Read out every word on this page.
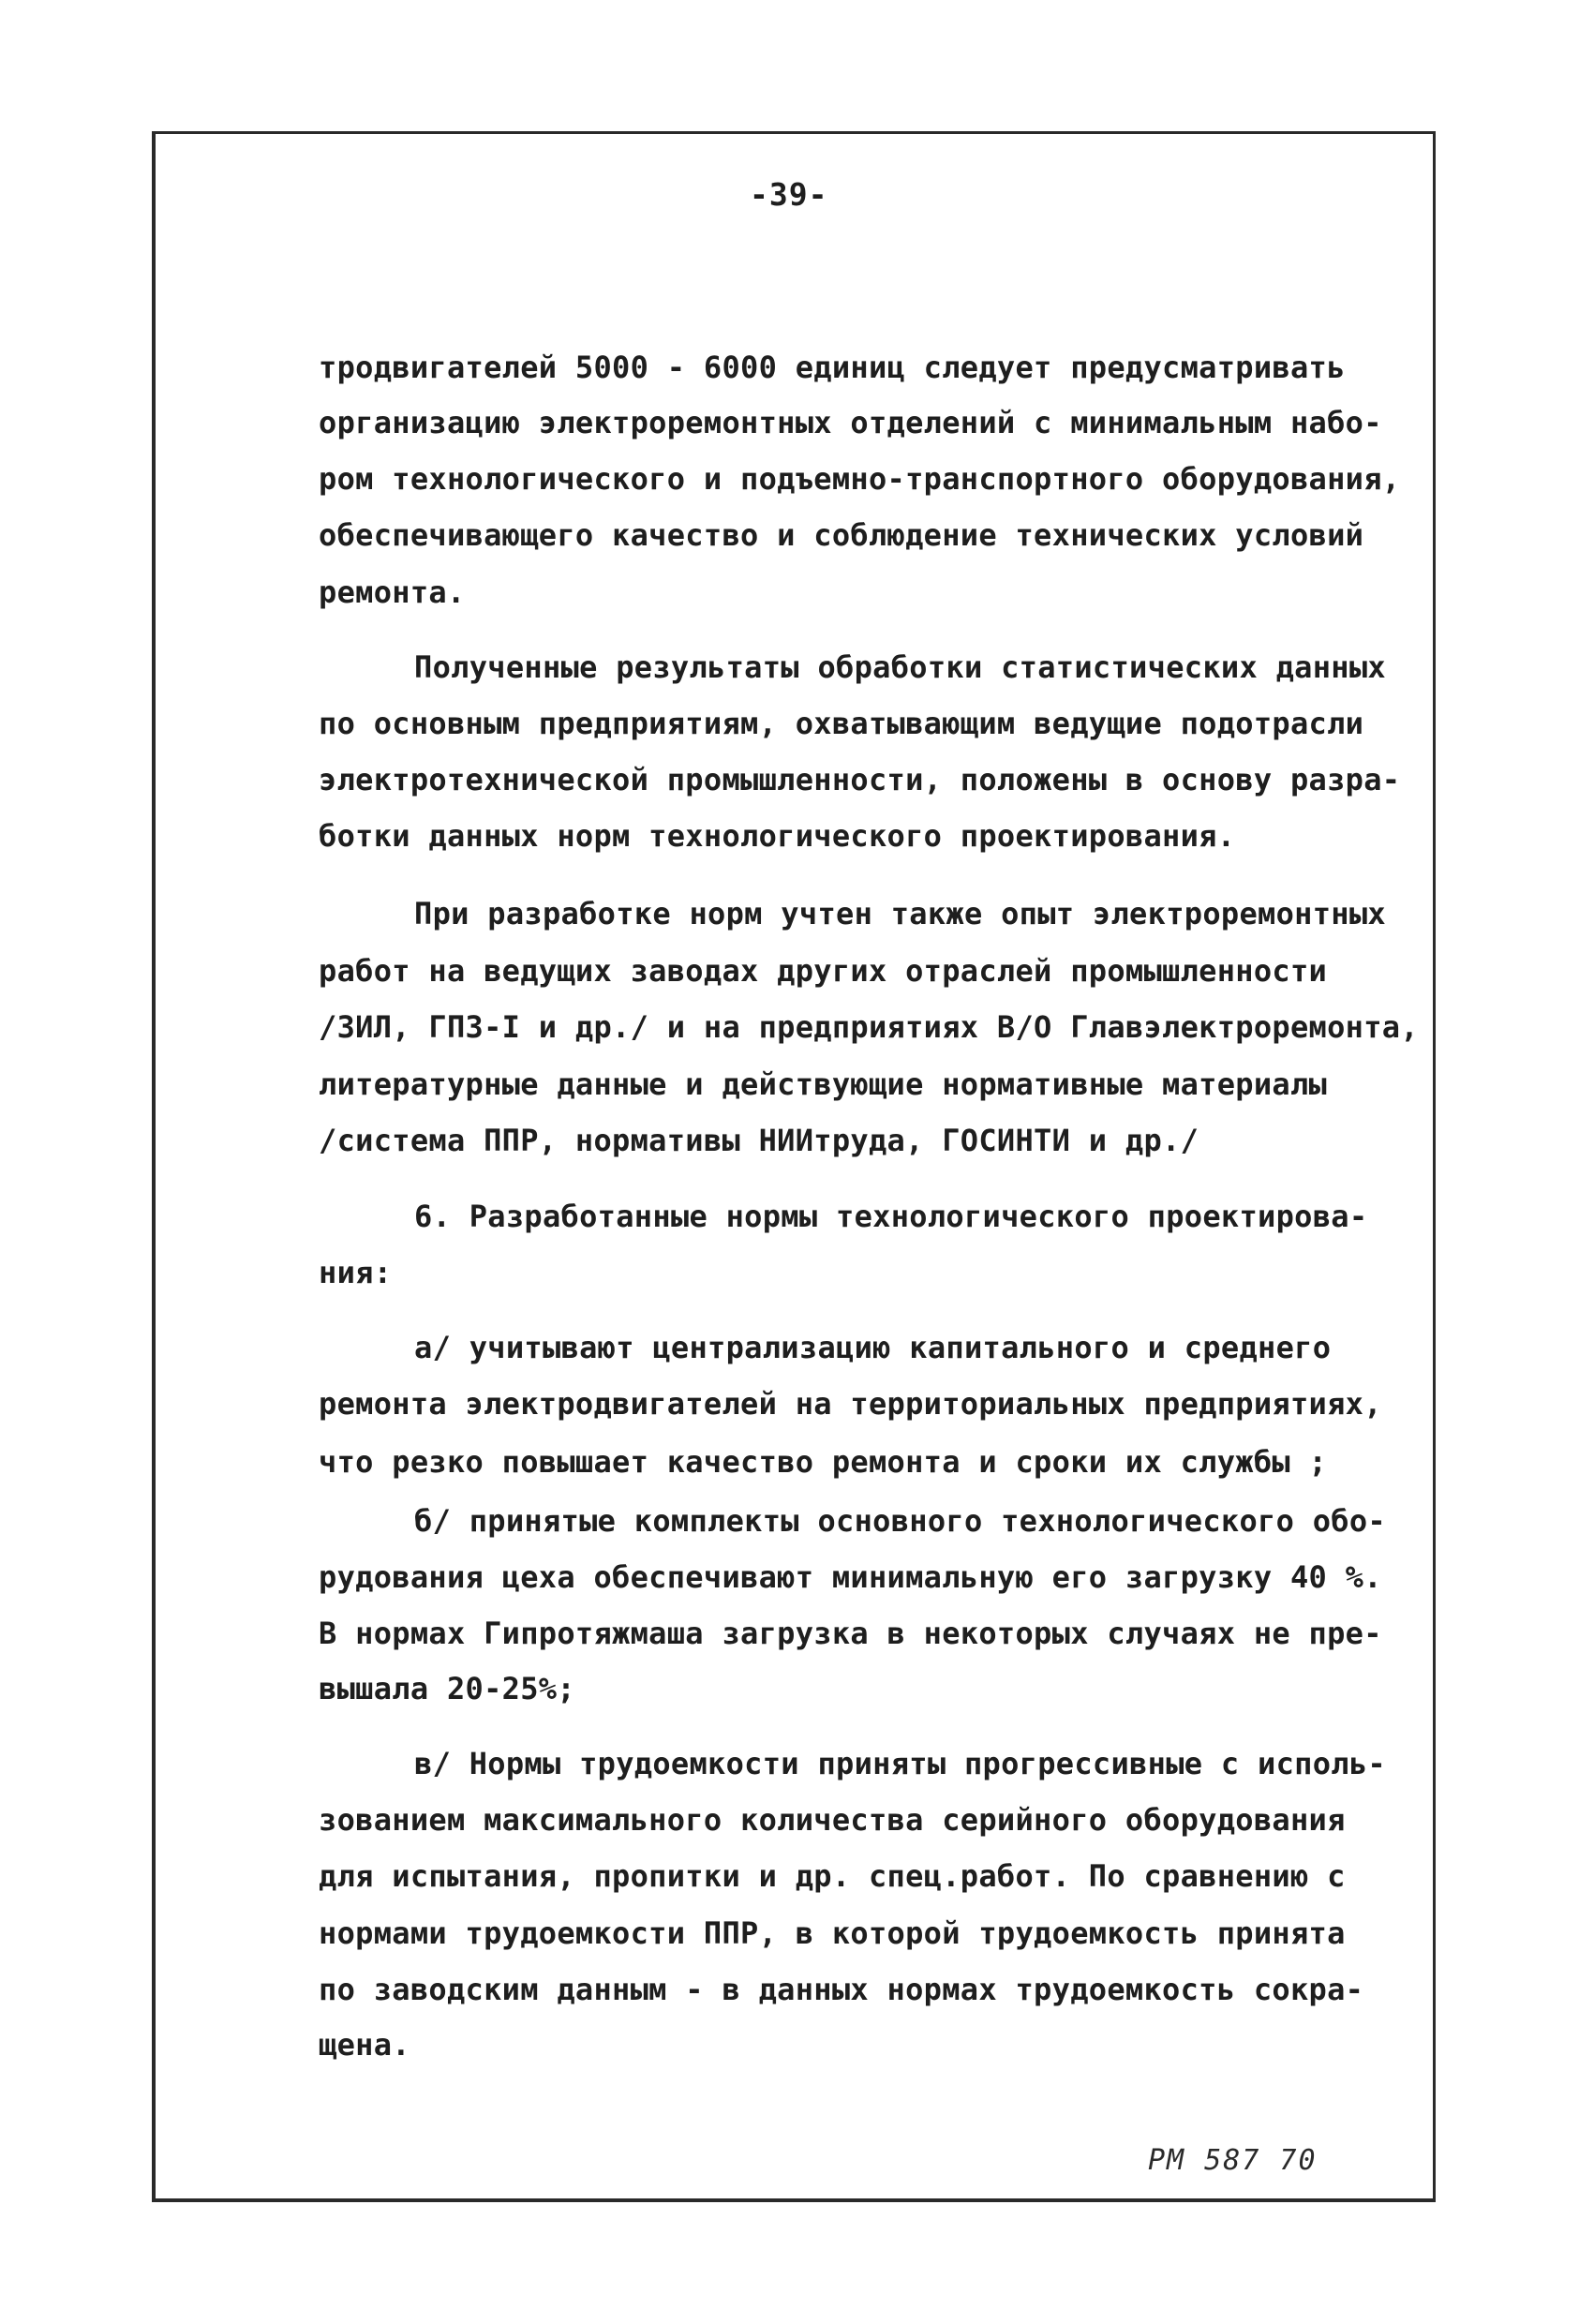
-39-
тродвигателей 5000 - 6000 единиц следует предусматривать
организацию электроремонтных отделений с минимальным набо-
ром технологического и подъемно-транспортного оборудования,
обеспечивающего качество и соблюдение технических условий
ремонта.
Полученные результаты обработки статистических данных
по основным предприятиям, охватывающим ведущие подотрасли
электротехнической промышленности, положены в основу разра-
ботки данных норм технологического проектирования.
При разработке норм учтен также опыт электроремонтных
работ на ведущих заводах других отраслей промышленности
/ЗИЛ, ГПЗ-I и др./ и на предприятиях В/О Главэлектроремонта,
литературные данные и действующие нормативные материалы
/система ППР, нормативы НИИтруда, ГОСИНТИ и др./
6. Разработанные нормы технологического проектирова-
ния:
а/ учитывают централизацию капитального и среднего
ремонта электродвигателей на территориальных предприятиях,
что резко повышает качество ремонта и сроки их службы ;
б/ принятые комплекты основного технологического обо-
рудования цеха обеспечивают минимальную его загрузку 40 %.
В нормах Гипротяжмаша загрузка в некоторых случаях не пре-
вышала 20-25%;
в/ Нормы трудоемкости приняты прогрессивные с исполь-
зованием максимального количества серийного оборудования
для испытания, пропитки и др. спец.работ. По сравнению с
нормами трудоемкости ППР, в которой трудоемкость принята
по заводским данным - в данных нормах трудоемкость сокра-
щена.
РМ 587 70
